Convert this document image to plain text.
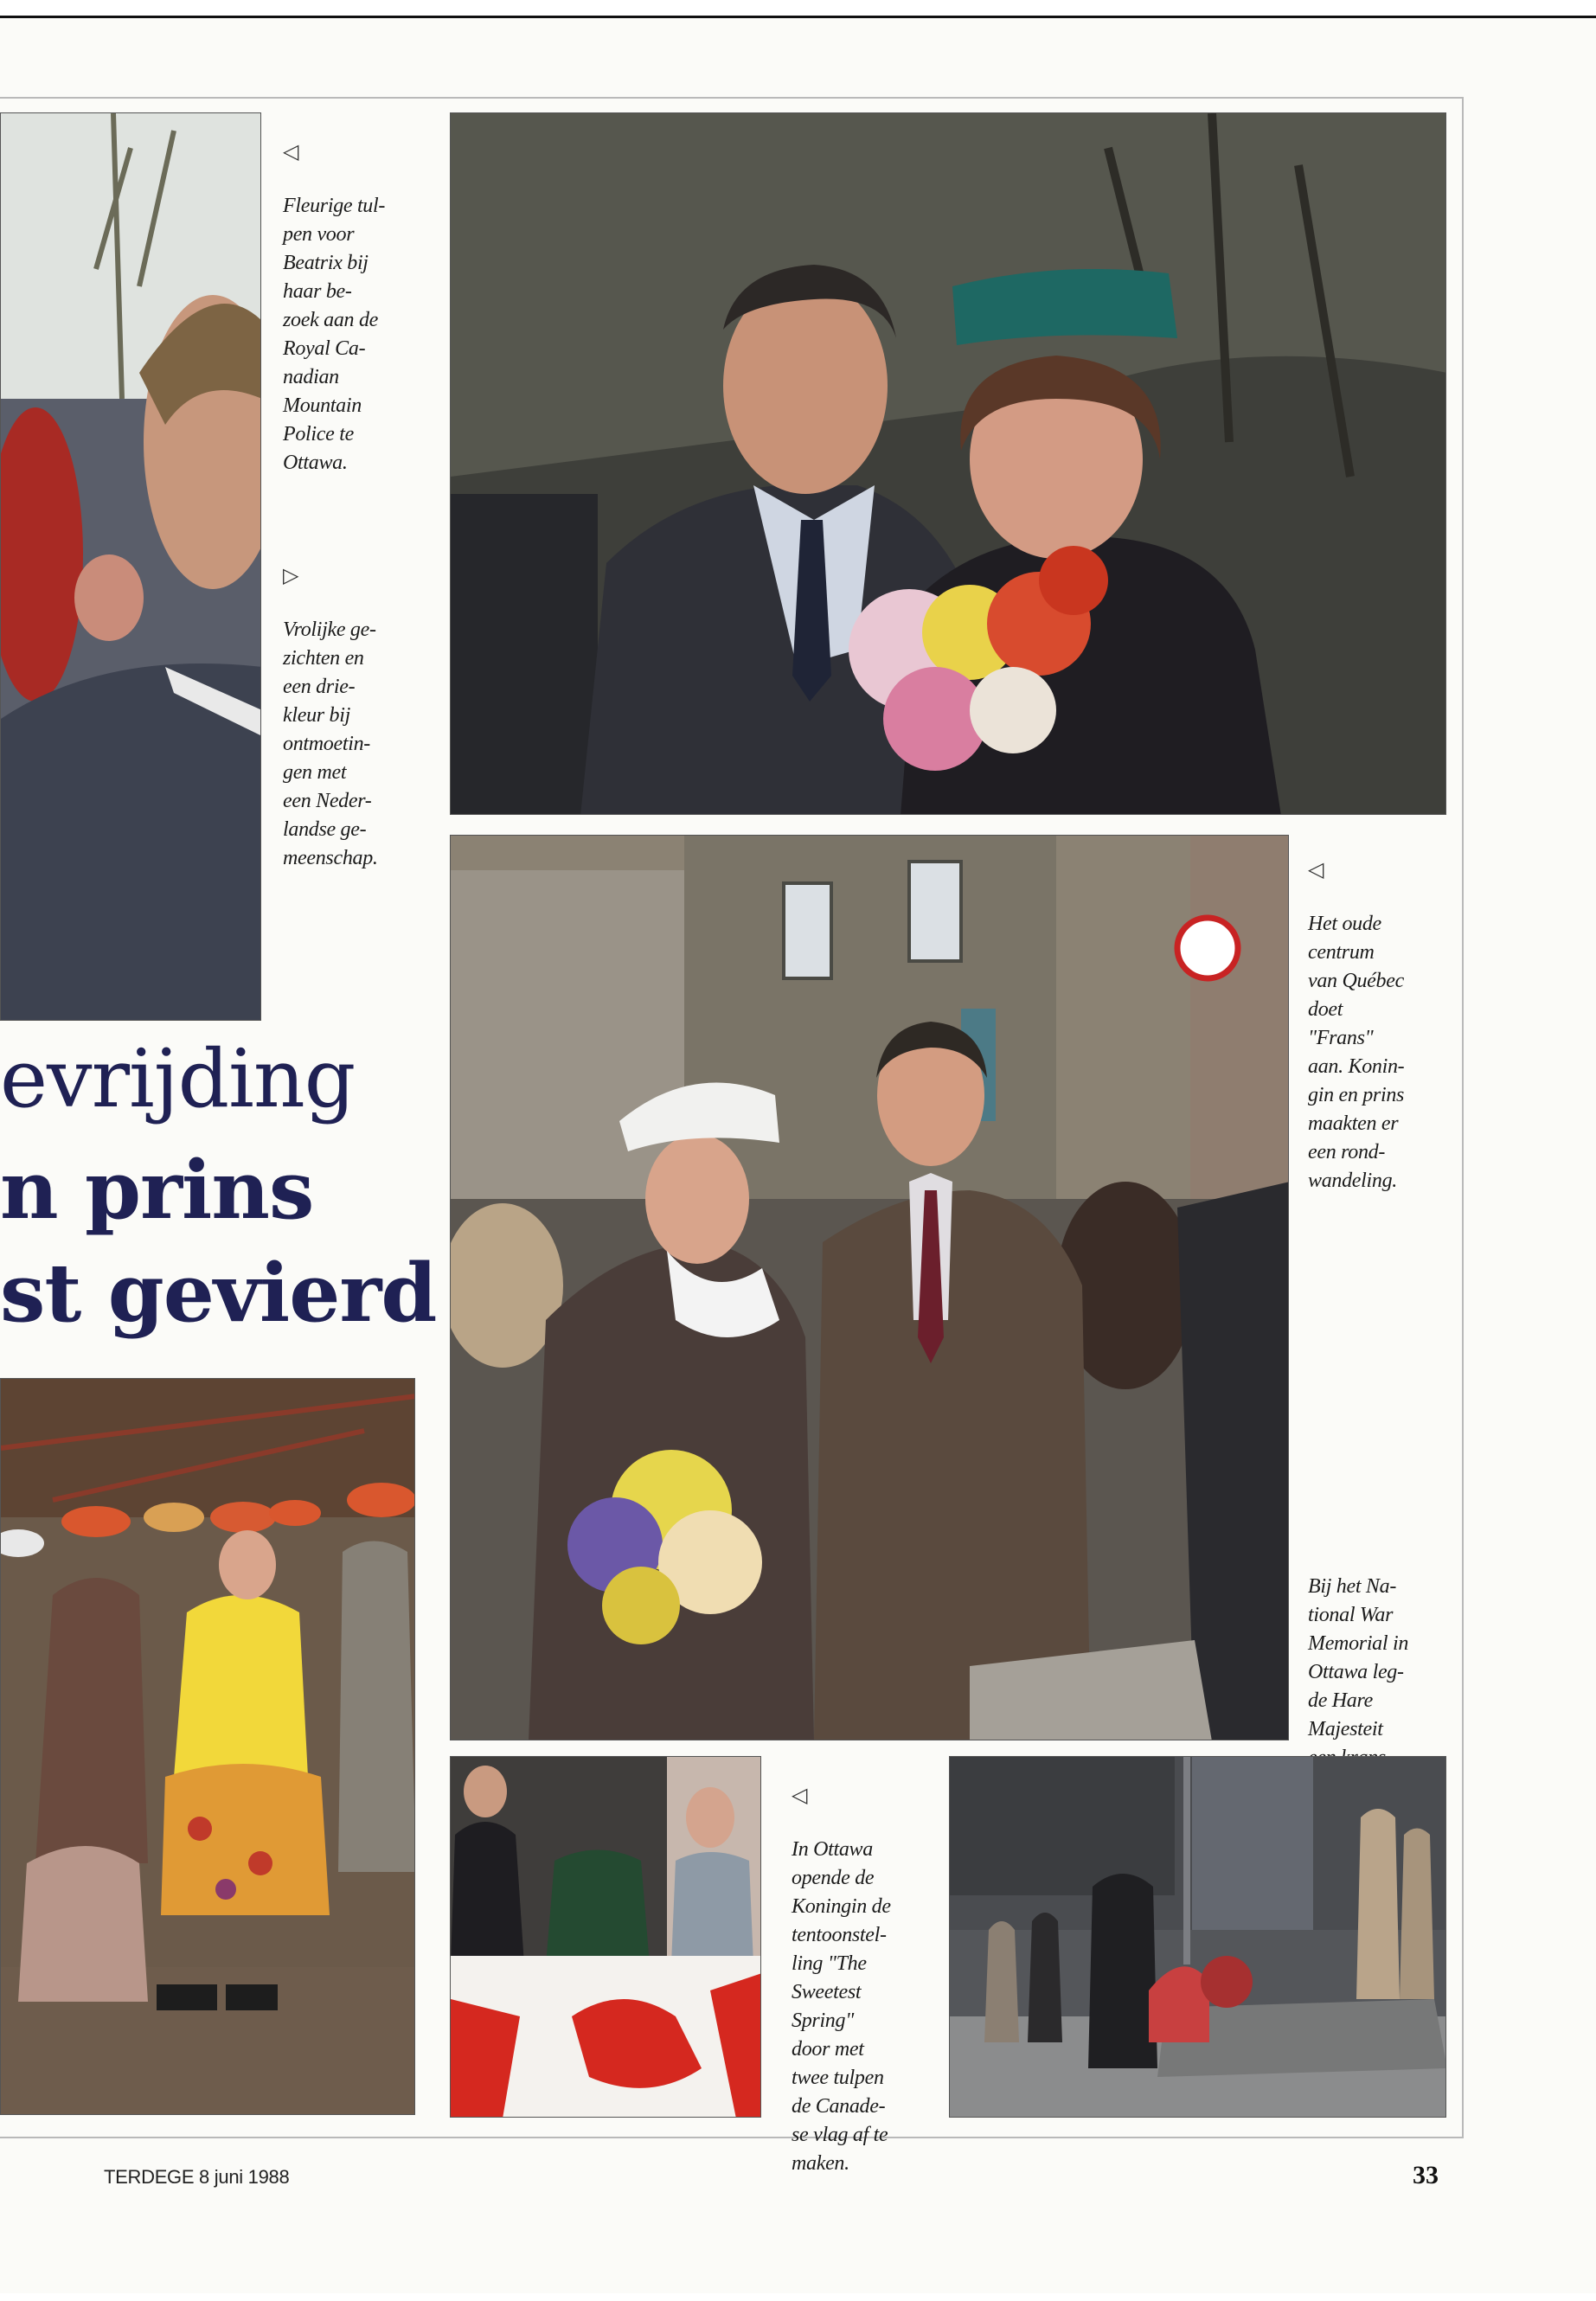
◁

Fleurige tul-
pen voor
Beatrix bij
haar be-
zoek aan de
Royal Ca-
nadian
Mountain
Police te
Ottawa.

▷

Vrolijke ge-
zichten en
een drie-
kleur bij
ontmoetin-
gen met
een Neder-
landse ge-
meenschap.	◁

Het oude
centrum
van Québec
doet
"Frans"
aan. Konin-
gin en prins
maakten er
een rond-
wandeling.

Bij het Na-
tional War
Memorial in
Ottawa leg-
de Hare
Majesteit

evrijding
n prins
st gevierd

◁

In Ottawa
opende de
Koningin de
tentoonstel-
ling "The
Sweetest
Spring"
door met
twee tulpen
de Canade-
se vlag af te
maken.

TERDEGE 8 juni 1988	33
